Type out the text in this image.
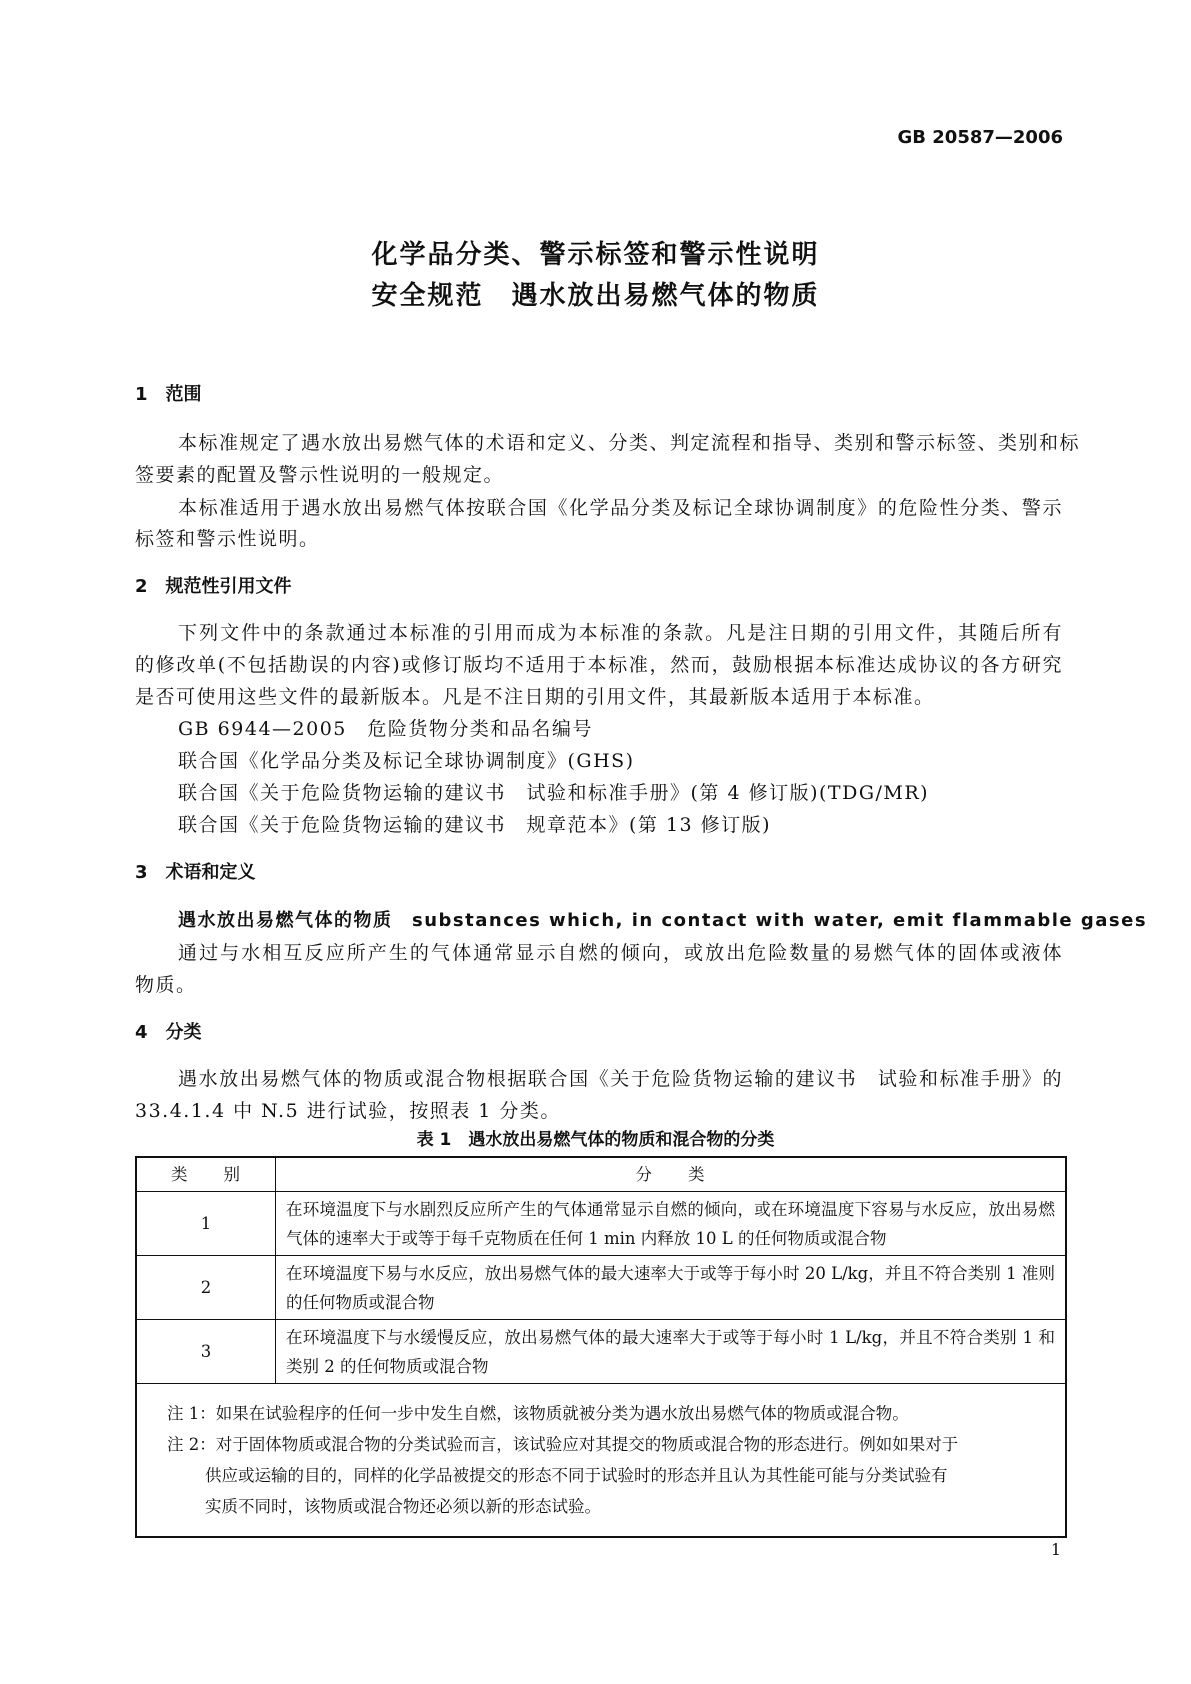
GB 20587—2006
化学品分类、警示标签和警示性说明
安全规范　遇水放出易燃气体的物质
1　范围
本标准规定了遇水放出易燃气体的术语和定义、分类、判定流程和指导、类别和警示标签、类别和标
签要素的配置及警示性说明的一般规定。
本标准适用于遇水放出易燃气体按联合国《化学品分类及标记全球协调制度》的危险性分类、警示
标签和警示性说明。
2　规范性引用文件
下列文件中的条款通过本标准的引用而成为本标准的条款。凡是注日期的引用文件，其随后所有
的修改单(不包括勘误的内容)或修订版均不适用于本标准，然而，鼓励根据本标准达成协议的各方研究
是否可使用这些文件的最新版本。凡是不注日期的引用文件，其最新版本适用于本标准。
GB 6944—2005　危险货物分类和品名编号
联合国《化学品分类及标记全球协调制度》(GHS)
联合国《关于危险货物运输的建议书　试验和标准手册》(第 4 修订版)(TDG/MR)
联合国《关于危险货物运输的建议书　规章范本》(第 13 修订版)
3　术语和定义
遇水放出易燃气体的物质　substances which, in contact with water, emit flammable gases
通过与水相互反应所产生的气体通常显示自燃的倾向，或放出危险数量的易燃气体的固体或液体
物质。
4　分类
遇水放出易燃气体的物质或混合物根据联合国《关于危险货物运输的建议书　试验和标准手册》的
33.4.1.4 中 N.5 进行试验，按照表 1 分类。
表 1　遇水放出易燃气体的物质和混合物的分类
类　　别	分　　类
1	在环境温度下与水剧烈反应所产生的气体通常显示自燃的倾向，或在环境温度下容易与水反应，放出易燃气体的速率大于或等于每千克物质在任何 1 min 内释放 10 L 的任何物质或混合物
2	在环境温度下易与水反应，放出易燃气体的最大速率大于或等于每小时 20 L/kg，并且不符合类别 1 准则的任何物质或混合物
3	在环境温度下与水缓慢反应，放出易燃气体的最大速率大于或等于每小时 1 L/kg，并且不符合类别 1 和类别 2 的任何物质或混合物

注 1：如果在试验程序的任何一步中发生自燃，该物质就被分类为遇水放出易燃气体的物质或混合物。
注 2：对于固体物质或混合物的分类试验而言，该试验应对其提交的物质或混合物的形态进行。例如如果对于
供应或运输的目的，同样的化学品被提交的形态不同于试验时的形态并且认为其性能可能与分类试验有
实质不同时，该物质或混合物还必须以新的形态试验。	
1
